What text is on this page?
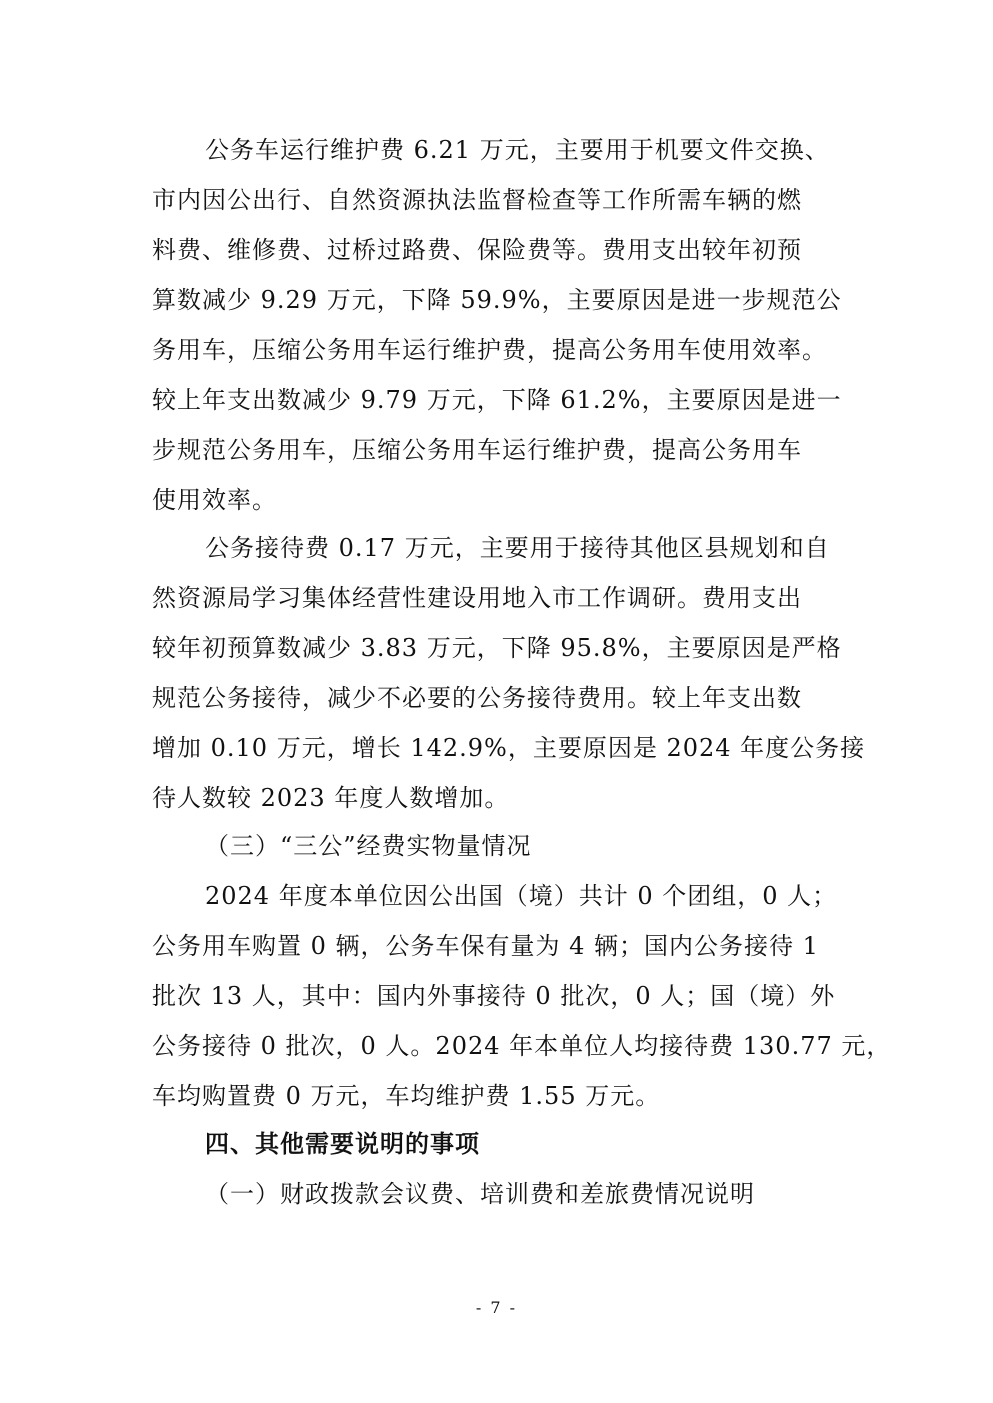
公务车运行维护费 6.21 万元，主要用于机要文件交换、
市内因公出行、自然资源执法监督检查等工作所需车辆的燃
料费、维修费、过桥过路费、保险费等。费用支出较年初预
算数减少 9.29 万元，下降 59.9%，主要原因是进一步规范公
务用车，压缩公务用车运行维护费，提高公务用车使用效率。
较上年支出数减少 9.79 万元，下降 61.2%，主要原因是进一
步规范公务用车，压缩公务用车运行维护费，提高公务用车
使用效率。
公务接待费 0.17 万元，主要用于接待其他区县规划和自
然资源局学习集体经营性建设用地入市工作调研。费用支出
较年初预算数减少 3.83 万元，下降 95.8%，主要原因是严格
规范公务接待，减少不必要的公务接待费用。较上年支出数
增加 0.10 万元，增长 142.9%，主要原因是 2024 年度公务接
待人数较 2023 年度人数增加。
（三）“三公”经费实物量情况
2024 年度本单位因公出国（境）共计 0 个团组，0 人；
公务用车购置 0 辆，公务车保有量为 4 辆；国内公务接待 1
批次 13 人，其中：国内外事接待 0 批次，0 人；国（境）外
公务接待 0 批次，0 人。2024 年本单位人均接待费 130.77 元，
车均购置费 0 万元，车均维护费 1.55 万元。
四、其他需要说明的事项
（一）财政拨款会议费、培训费和差旅费情况说明
- 7 -
